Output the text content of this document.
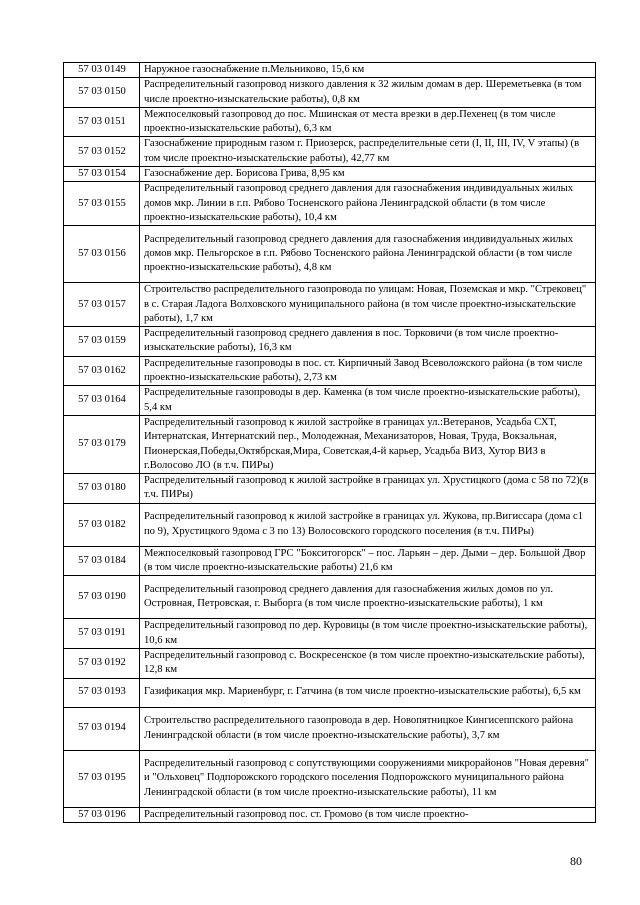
57 03 0149	Наружное газоснабжение п.Мельниково, 15,6 км
57 03 0150	Распределительный газопровод низкого давления к 32 жилым домам в дер. Шереметьевка (в том числе проектно-изыскательские работы), 0,8 км
57 03 0151	Межпоселковый газопровод до пос. Мшинская от места врезки в дер.Пехенец (в том числе проектно-изыскательские работы), 6,3 км
57 03 0152	Газоснабжение природным газом г. Приозерск, распределительные сети (I, II, III, IV, V этапы) (в том числе проектно-изыскательские работы), 42,77 км
57 03 0154	Газоснабжение дер. Борисова Грива, 8,95 км
57 03 0155	Распределительный газопровод среднего давления для газоснабжения индивидуальных жилых домов мкр. Линии в г.п. Рябово Тосненского района Ленинградской области (в том числе проектно-изыскательские работы), 10,4 км
57 03 0156	Распределительный газопровод среднего давления для газоснабжения индивидуальных жилых домов мкр. Пельгорское в г.п. Рябово Тосненского района Ленинградской области (в том числе проектно-изыскательские работы), 4,8 км
57 03 0157	Строительство распределительного газопровода по улицам: Новая, Поземская и мкр. "Стрековец" в с. Старая Ладога Волховского муниципального района (в том числе проектно-изыскательские работы), 1,7 км
57 03 0159	Распределительный газопровод среднего давления в пос. Торковичи (в том числе проектно-изыскательские работы), 16,3 км
57 03 0162	Распределительные газопроводы в пос. ст. Кирпичный Завод Всеволожского района (в том числе проектно-изыскательские работы), 2,73 км
57 03 0164	Распределительные газопроводы в дер. Каменка (в том числе проектно-изыскательские работы), 5,4 км
57 03 0179	Распределительный газопровод к жилой застройке в границах ул.:Ветеранов, Усадьба СХТ, Интернатская, Интернатский пер., Молодежная, Механизаторов, Новая, Труда, Вокзальная, Пионерская,Победы,Октябрская,Мира, Советская,4-й карьер, Усадьба ВИЗ, Хутор ВИЗ в г.Волосово ЛО (в т.ч. ПИРы)
57 03 0180	Распределительный газопровод к жилой застройке в границах ул. Хрустицкого (дома с 58 по 72)(в т.ч. ПИРы)
57 03 0182	Распределительный газопровод к жилой застройке в границах ул. Жукова, пр.Вигиссара (дома с1 по 9), Хрустицкого 9дома с 3 по 13) Волосовского городского поселения (в т.ч. ПИРы)
57 03 0184	Межпоселковый газопровод ГРС "Бокситогорск" – пос. Ларьян – дер. Дыми – дер. Большой Двор (в том числе проектно-изыскательские работы) 21,6 км
57 03 0190	Распределительный газопровод среднего давления для газоснабжения жилых домов по ул. Островная, Петровская, г. Выборга (в том числе проектно-изыскательские работы), 1 км
57 03 0191	Распределительный газопровод по дер. Куровицы (в том числе проектно-изыскательские работы), 10,6 км
57 03 0192	Распределительный газопровод с. Воскресенское (в том числе проектно-изыскательские работы), 12,8 км
57 03 0193	Газификация мкр. Мариенбург, г. Гатчина (в том числе проектно-изыскательские работы), 6,5 км
57 03 0194	Строительство распределительного газопровода в дер. Новопятницкое Кингисеппского района Ленинградской области (в том числе проектно-изыскательские работы), 3,7 км
57 03 0195	Распределительный газопровод с сопутствующими сооружениями микрорайонов "Новая деревня" и "Ольховец" Подпорожского городского поселения Подпорожского муниципального района Ленинградской области (в том числе проектно-изыскательские работы), 11 км
57 03 0196	Распределительный газопровод пос. ст. Громово (в том числе проектно-
80
